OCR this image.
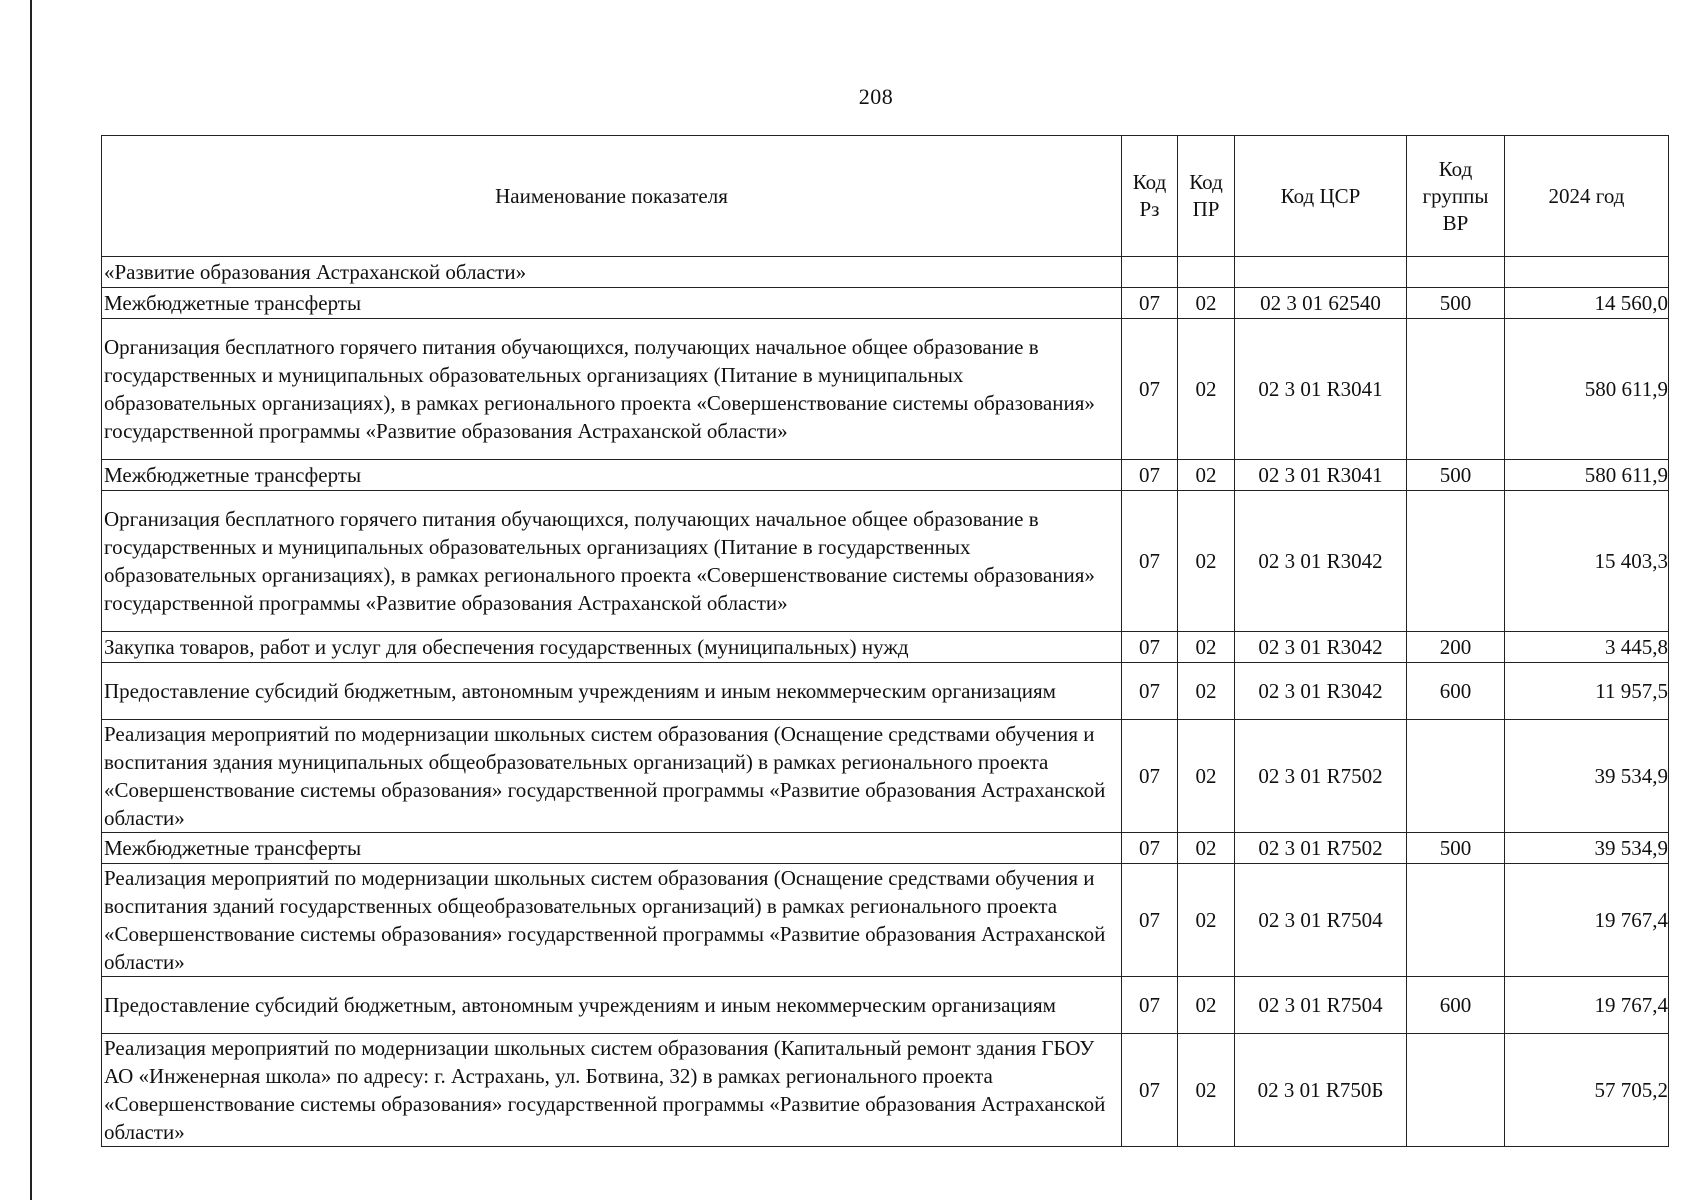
208
Наименование показателя	Код Рз	Код ПР	Код ЦСР	Код группы ВР	2024 год
«Развитие образования Астраханской области»					
Межбюджетные трансферты	07	02	02 3 01 62540	500	14 560,0
Организация бесплатного горячего питания обучающихся, получающих начальное общее образование в государственных и муниципальных образовательных организациях (Питание в муниципальных образовательных организациях), в рамках регионального проекта «Совершенствование системы образования» государственной программы «Развитие образования Астраханской области»	07	02	02 3 01 R3041		580 611,9
Межбюджетные трансферты	07	02	02 3 01 R3041	500	580 611,9
Организация бесплатного горячего питания обучающихся, получающих начальное общее образование в государственных и муниципальных образовательных организациях (Питание в государственных образовательных организациях), в рамках регионального проекта «Совершенствование системы образования» государственной программы «Развитие образования Астраханской области»	07	02	02 3 01 R3042		15 403,3
Закупка товаров, работ и услуг для обеспечения государственных (муниципальных) нужд	07	02	02 3 01 R3042	200	3 445,8
Предоставление субсидий бюджетным, автономным учреждениям и иным некоммерческим организациям	07	02	02 3 01 R3042	600	11 957,5
Реализация мероприятий по модернизации школьных систем образования (Оснащение средствами обучения и воспитания здания муниципальных общеобразовательных организаций) в рамках регионального проекта «Совершенствование системы образования» государственной программы «Развитие образования Астраханской области»	07	02	02 3 01 R7502		39 534,9
Межбюджетные трансферты	07	02	02 3 01 R7502	500	39 534,9
Реализация мероприятий по модернизации школьных систем образования (Оснащение средствами обучения и воспитания зданий государственных общеобразовательных организаций) в рамках регионального проекта «Совершенствование системы образования» государственной программы «Развитие образования Астраханской области»	07	02	02 3 01 R7504		19 767,4
Предоставление субсидий бюджетным, автономным учреждениям и иным некоммерческим организациям	07	02	02 3 01 R7504	600	19 767,4
Реализация мероприятий по модернизации школьных систем образования (Капитальный ремонт здания ГБОУ АО «Инженерная школа» по адресу: г. Астрахань, ул. Ботвина, 32) в рамках регионального проекта «Совершенствование системы образования» государственной программы «Развитие образования Астраханской области»	07	02	02 3 01 R750Б		57 705,2
